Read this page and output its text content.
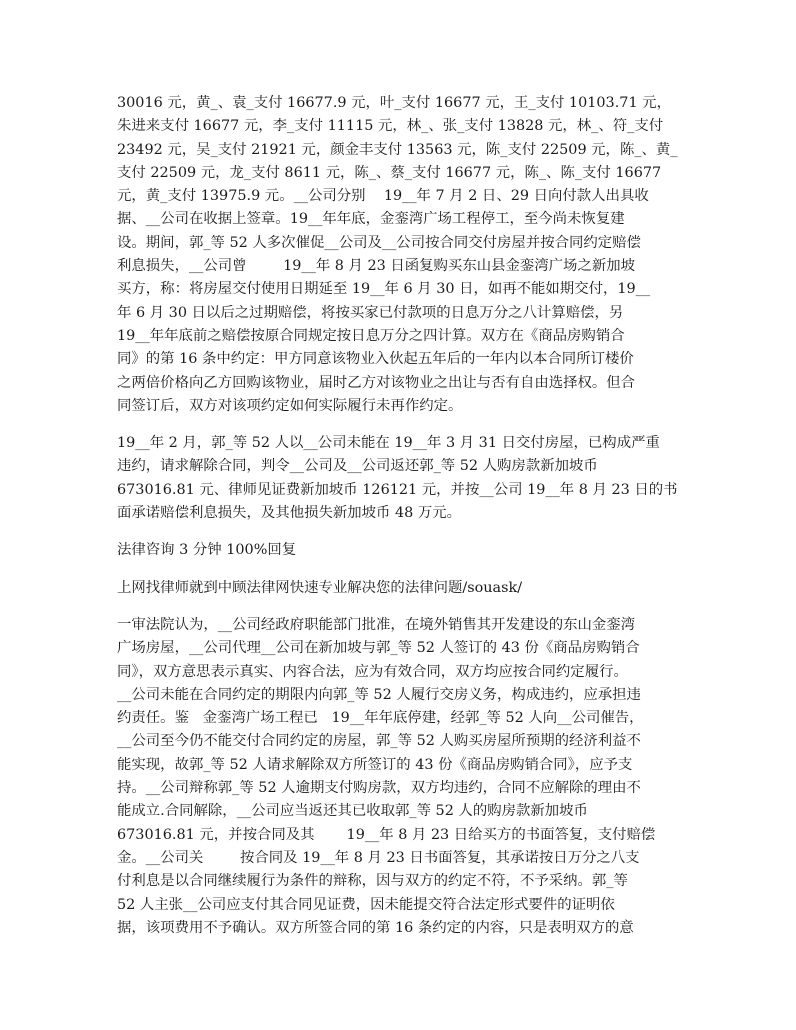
30016 元，黄_、袁_支付 16677.9 元，叶_支付 16677 元，王_支付 10103.71 元，
朱进来支付 16677 元，李_支付 11115 元，林_、张_支付 13828 元，林_、符_支付
23492 元，吴_支付 21921 元，颜金丰支付 13563 元，陈_支付 22509 元，陈_、黄_
支付 22509 元，龙_支付 8611 元，陈_、蔡_支付 16677 元，陈_、陈_支付 16677
元，黄_支付 13975.9 元。__公司分别    19__年 7 月 2 日、29 日向付款人出具收
据、__公司在收据上签章。19__年年底，金銮湾广场工程停工，至今尚未恢复建
设。期间，郭_等 52 人多次催促__公司及__公司按合同交付房屋并按合同约定赔偿
利息损失，__公司曾        19__年 8 月 23 日函复购买东山县金銮湾广场之新加坡
买方，称：将房屋交付使用日期延至 19__年 6 月 30 日，如再不能如期交付，19__
年 6 月 30 日以后之过期赔偿，将按买家已付款项的日息万分之八计算赔偿，另
19__年年底前之赔偿按原合同规定按日息万分之四计算。双方在《商品房购销合
同》的第 16 条中约定：甲方同意该物业入伙起五年后的一年内以本合同所订楼价
之两倍价格向乙方回购该物业，届时乙方对该物业之出让与否有自由选择权。但合
同签订后，双方对该项约定如何实际履行未再作约定。

19__年 2 月，郭_等 52 人以__公司未能在 19__年 3 月 31 日交付房屋，已构成严重
违约，请求解除合同，判令__公司及__公司返还郭_等 52 人购房款新加坡币
673016.81 元、律师见证费新加坡币 126121 元，并按__公司 19__年 8 月 23 日的书
面承诺赔偿利息损失，及其他损失新加坡币 48 万元。

法律咨询 3 分钟 100%回复

上网找律师就到中顾法律网快速专业解决您的法律问题/souask/

一审法院认为，__公司经政府职能部门批准，在境外销售其开发建设的东山金銮湾
广场房屋，__公司代理__公司在新加坡与郭_等 52 人签订的 43 份《商品房购销合
同》，双方意思表示真实、内容合法，应为有效合同，双方均应按合同约定履行。
__公司未能在合同约定的期限内向郭_等 52 人履行交房义务，构成违约，应承担违
约责任。鉴   金銮湾广场工程已   19__年年底停建，经郭_等 52 人向__公司催告，
__公司至今仍不能交付合同约定的房屋，郭_等 52 人购买房屋所预期的经济利益不
能实现，故郭_等 52 人请求解除双方所签订的 43 份《商品房购销合同》，应予支
持。__公司辩称郭_等 52 人逾期支付购房款，双方均违约，合同不应解除的理由不
能成立.合同解除，__公司应当返还其已收取郭_等 52 人的购房款新加坡币
673016.81 元，并按合同及其       19__年 8 月 23 日给买方的书面答复，支付赔偿
金。__公司关        按合同及 19__年 8 月 23 日书面答复，其承诺按日万分之八支
付利息是以合同继续履行为条件的辩称，因与双方的约定不符，不予采纳。郭_等
52 人主张__公司应支付其合同见证费，因未能提交符合法定形式要件的证明依
据，该项费用不予确认。双方所签合同的第 16 条约定的内容，只是表明双方的意
